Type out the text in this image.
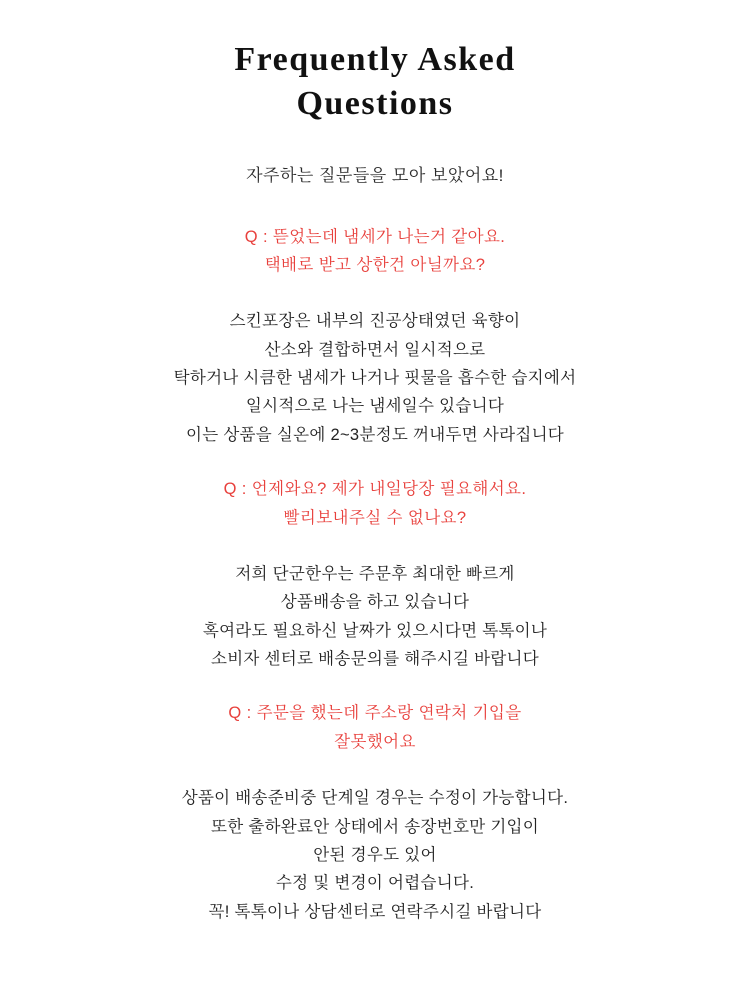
Frequently Asked
Questions
자주하는 질문들을 모아 보았어요!
Q : 뜯었는데 냄세가 나는거 같아요.
택배로 받고 상한건 아닐까요?
스킨포장은 내부의 진공상태였던 육향이
산소와 결합하면서 일시적으로
탁하거나 시큼한 냄세가 나거나 핏물을 흡수한 습지에서
일시적으로 나는 냄세일수 있습니다
이는 상품을 실온에 2~3분정도 꺼내두면 사라집니다
Q : 언제와요? 제가 내일당장 필요해서요.
빨리보내주실 수 없나요?
저희 단군한우는 주문후 최대한 빠르게
상품배송을 하고 있습니다
혹여라도 필요하신 날짜가 있으시다면 톡톡이나
소비자 센터로 배송문의를 해주시길 바랍니다
Q : 주문을 했는데 주소랑 연락처 기입을
잘못했어요
상품이 배송준비중 단계일 경우는 수정이 가능합니다.
또한 출하완료안 상태에서 송장번호만 기입이
안된 경우도 있어
수정 및 변경이 어렵습니다.
꼭! 톡톡이나 상담센터로 연락주시길 바랍니다
